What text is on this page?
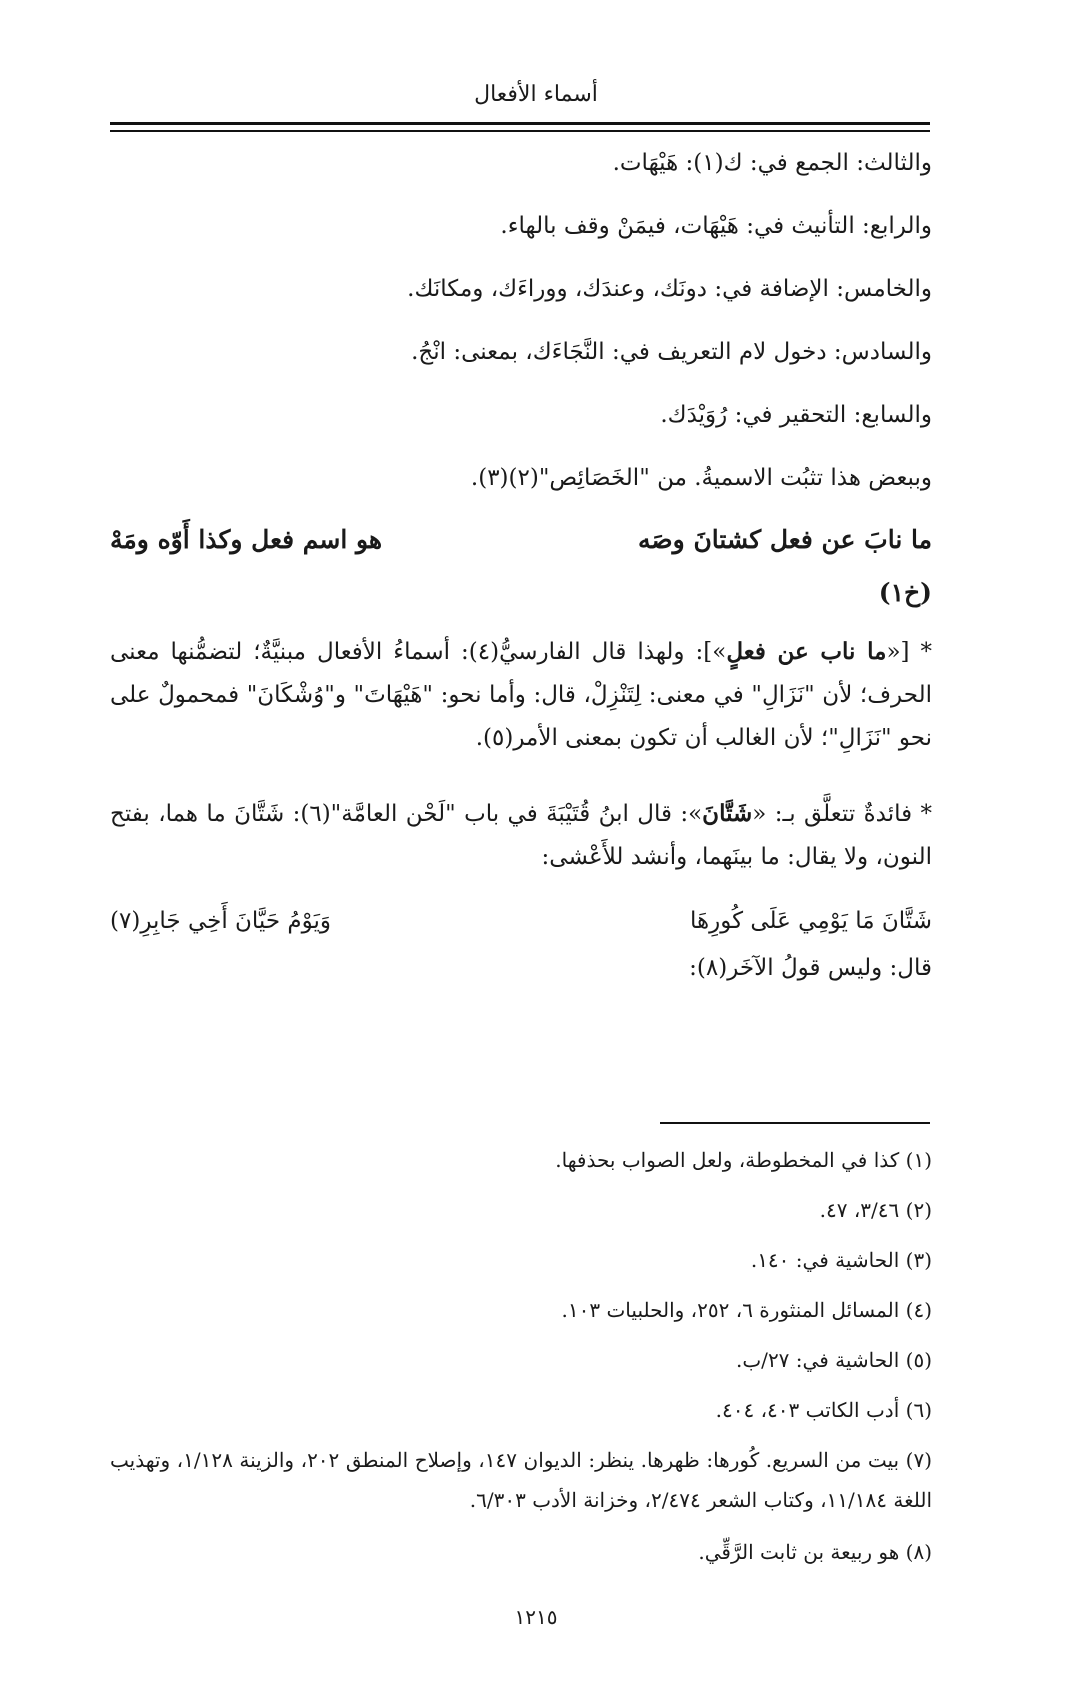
أسماء الأفعال
والثالث: الجمع في: ك(١): هَيْهَات.
والرابع: التأنيث في: هَيْهَات، فيمَنْ وقف بالهاء.
والخامس: الإضافة في: دونَك، وعندَك، ووراءَك، ومكانَك.
والسادس: دخول لام التعريف في: النَّجَاءَك، بمعنى: انْجُ.
والسابع: التحقير في: رُوَيْدَك.
وببعض هذا تثبُت الاسميةُ. من "الخَصَائِص"(٢)(٣).
ما نابَ عن فعل كشتانَ وصَه
هو اسم فعل وكذا أَوّه ومَهْ
(خ١)
* [«ما ناب عن فعلٍ»]: ولهذا قال الفارسيُّ(٤): أسماءُ الأفعال مبنيَّةٌ؛ لتضمُّنها معنى الحرف؛ لأن "نَزَالِ" في معنى: لِتَنْزِلْ، قال: وأما نحو: "هَيْهَاتَ" و"وُشْكَانَ" فمحمولٌ على نحو "نَزَالِ"؛ لأن الغالب أن تكون بمعنى الأمر(٥).
* فائدةٌ تتعلَّق بـ: «شَتَّانَ»: قال ابنُ قُتَيْبَةَ في باب "لَحْن العامَّة"(٦): شَتَّانَ ما هما، بفتح النون، ولا يقال: ما بينَهما، وأنشد للأَعْشى:
شَتَّانَ مَا يَوْمِي عَلَى كُورِهَا
وَيَوْمُ حَيَّانَ أَخِي جَابِرِ(٧)
قال: وليس قولُ الآخَر(٨):
(١) كذا في المخطوطة، ولعل الصواب بحذفها.
(٢) ٣/٤٦، ٤٧.
(٣) الحاشية في: ١٤٠.
(٤) المسائل المنثورة ٦، ٢٥٢، والحلبيات ١٠٣.
(٥) الحاشية في: ٢٧/ب.
(٦) أدب الكاتب ٤٠٣، ٤٠٤.
(٧) بيت من السريع. كُورها: ظهرها. ينظر: الديوان ١٤٧، وإصلاح المنطق ٢٠٢، والزينة ١/١٢٨، وتهذيب اللغة ١١/١٨٤، وكتاب الشعر ٢/٤٧٤، وخزانة الأدب ٦/٣٠٣.
(٨) هو ربيعة بن ثابت الرَّقِّي.
١٢١٥
